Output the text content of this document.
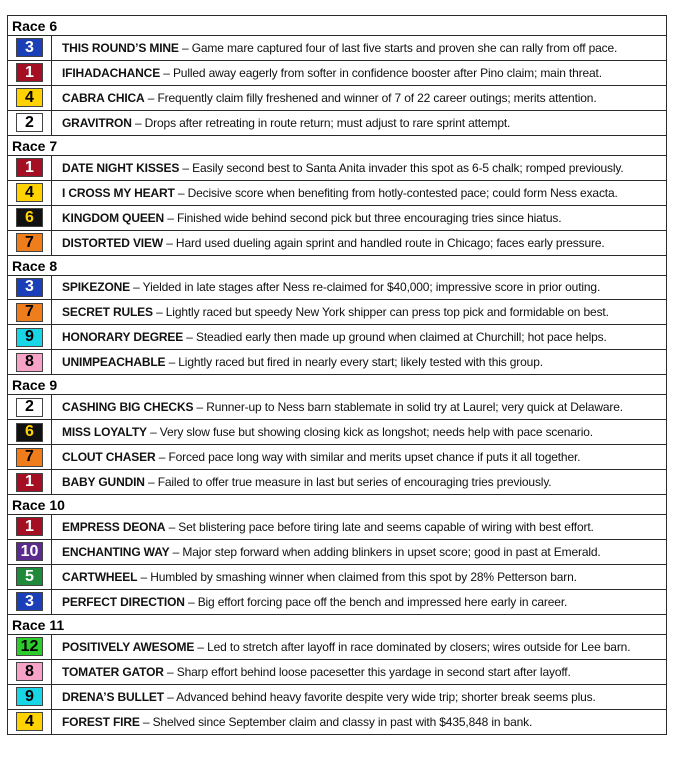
Race 6
3	THIS ROUND’S MINE – Game mare captured four of last five starts and proven she can rally from off pace.
1	IFIHADACHANCE – Pulled away eagerly from softer in confidence booster after Pino claim; main threat.
4	CABRA CHICA – Frequently claim filly freshened and winner of 7 of 22 career outings; merits attention.
2	GRAVITRON – Drops after retreating in route return; must adjust to rare sprint attempt.
Race 7
1	DATE NIGHT KISSES – Easily second best to Santa Anita invader this spot as 6-5 chalk; romped previously.
4	I CROSS MY HEART – Decisive score when benefiting from hotly-contested pace; could form Ness exacta.
6	KINGDOM QUEEN – Finished wide behind second pick but three encouraging tries since hiatus.
7	DISTORTED VIEW – Hard used dueling again sprint and handled route in Chicago; faces early pressure.
Race 8
3	SPIKEZONE – Yielded in late stages after Ness re-claimed for $40,000; impressive score in prior outing.
7	SECRET RULES – Lightly raced but speedy New York shipper can press top pick and formidable on best.
9	HONORARY DEGREE – Steadied early then made up ground when claimed at Churchill; hot pace helps.
8	UNIMPEACHABLE – Lightly raced but fired in nearly every start; likely tested with this group.
Race 9
2	CASHING BIG CHECKS – Runner-up to Ness barn stablemate in solid try at Laurel; very quick at Delaware.
6	MISS LOYALTY – Very slow fuse but showing closing kick as longshot; needs help with pace scenario.
7	CLOUT CHASER – Forced pace long way with similar and merits upset chance if puts it all together.
1	BABY GUNDIN – Failed to offer true measure in last but series of encouraging tries previously.
Race 10
1	EMPRESS DEONA – Set blistering pace before tiring late and seems capable of wiring with best effort.
10	ENCHANTING WAY – Major step forward when adding blinkers in upset score; good in past at Emerald.
5	CARTWHEEL – Humbled by smashing winner when claimed from this spot by 28% Petterson barn.
3	PERFECT DIRECTION – Big effort forcing pace off the bench and impressed here early in career.
Race 11
12	POSITIVELY AWESOME – Led to stretch after layoff in race dominated by closers; wires outside for Lee barn.
8	TOMATER GATOR – Sharp effort behind loose pacesetter this yardage in second start after layoff.
9	DRENA’S BULLET – Advanced behind heavy favorite despite very wide trip; shorter break seems plus.
4	FOREST FIRE – Shelved since September claim and classy in past with $435,848 in bank.
